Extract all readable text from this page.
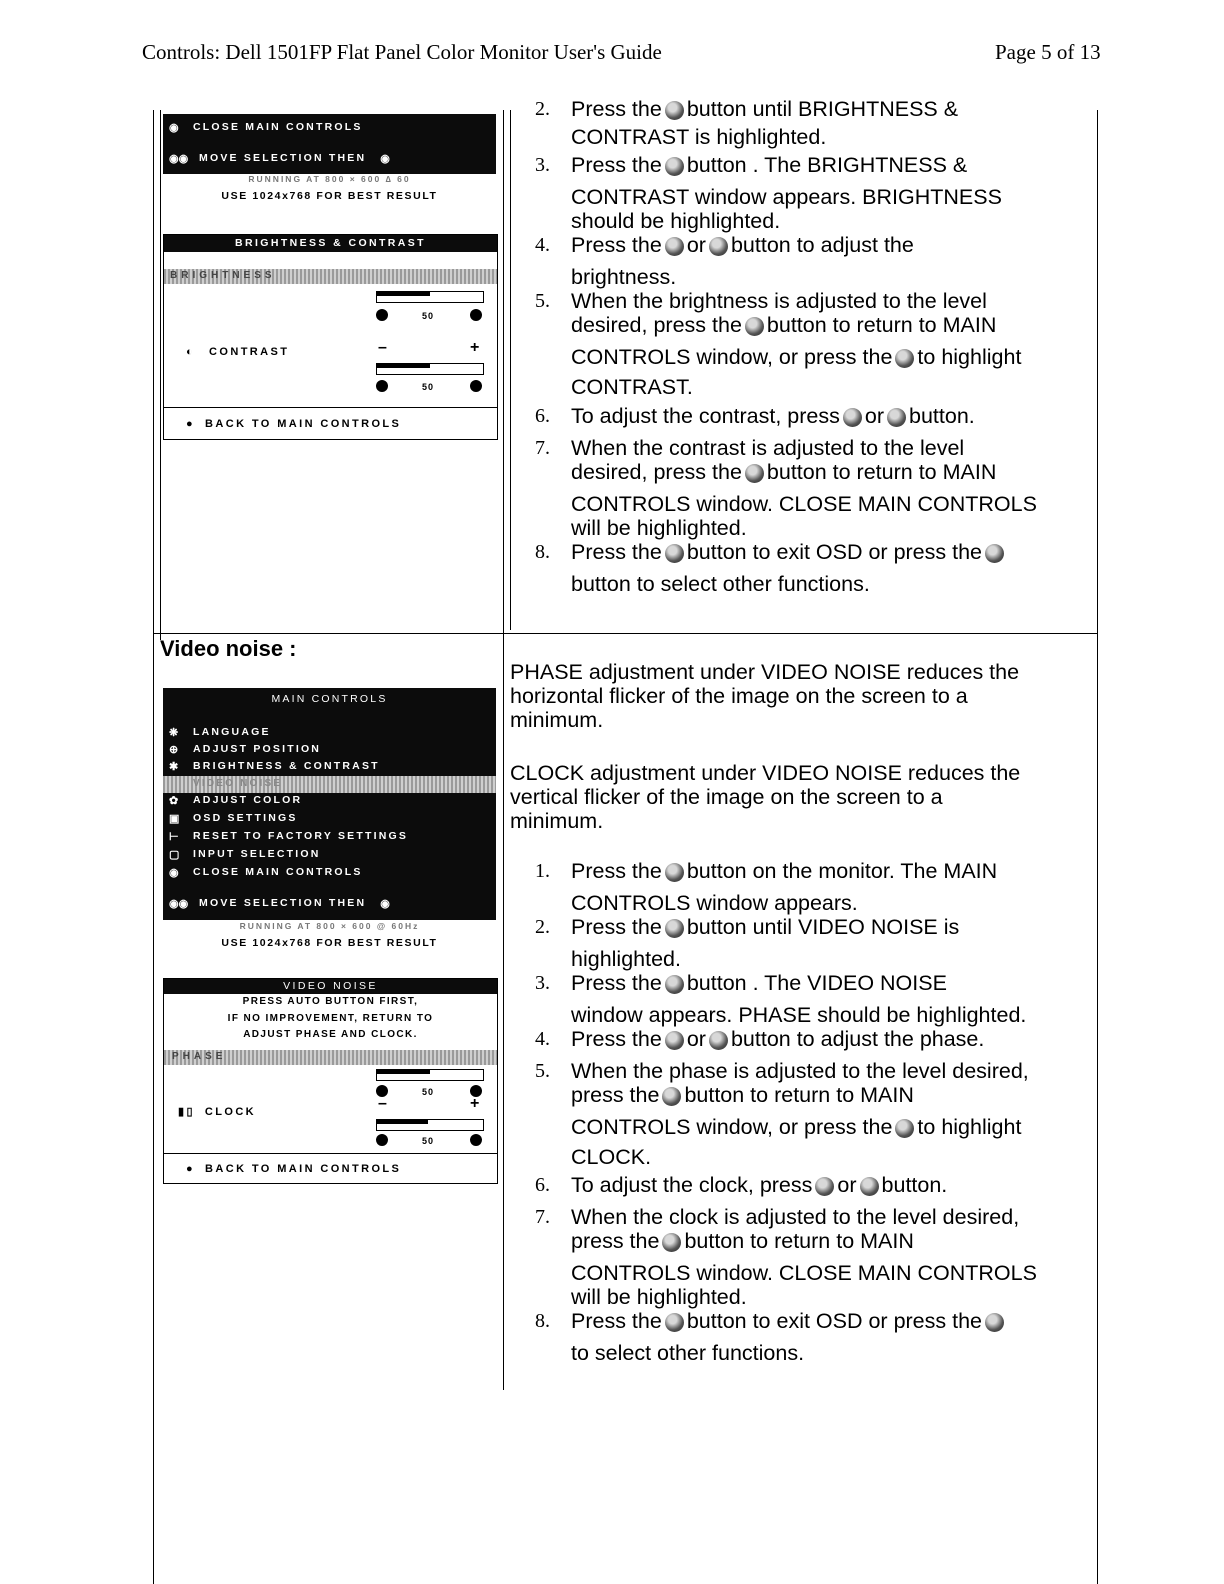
Controls: Dell 1501FP Flat Panel Color Monitor User's Guide	Page 5 of 13
◉ CLOSE MAIN CONTROLS
◉◉ MOVE SELECTION THEN ◉
RUNNING AT 800 × 600 ∆ 60
USE 1024x768 FOR BEST RESULT
BRIGHTNESS & CONTRAST
BRIGHTNESS
50
◐ CONTRAST	–	+
50
● BACK TO MAIN CONTROLS
2. Press the button until BRIGHTNESS &
CONTRAST is highlighted.
3. Press the button . The BRIGHTNESS &
CONTRAST window appears. BRIGHTNESS
should be highlighted.
4. Press the or button to adjust the
brightness.
5. When the brightness is adjusted to the level
desired, press the button to return to MAIN
CONTROLS window, or press the to highlight
CONTRAST.
6. To adjust the contrast, press or button.
7. When the contrast is adjusted to the level
desired, press the button to return to MAIN
CONTROLS window. CLOSE MAIN CONTROLS
will be highlighted.
8. Press the button to exit OSD or press the
button to select other functions.
Video noise :
MAIN CONTROLS
❋ LANGUAGE
⊕ ADJUST POSITION
✱ BRIGHTNESS & CONTRAST
VIDEO NOISE
✿ ADJUST COLOR
▣ OSD SETTINGS
⊢ RESET TO FACTORY SETTINGS
▢ INPUT SELECTION
◉ CLOSE MAIN CONTROLS
◉◉ MOVE SELECTION THEN ◉
RUNNING AT 800 × 600 @ 60Hz
USE 1024x768 FOR BEST RESULT
VIDEO NOISE
PRESS AUTO BUTTON FIRST,
IF NO IMPROVEMENT, RETURN TO
ADJUST PHASE AND CLOCK.
PHASE
50
▮▯ CLOCK	–	+
50
● BACK TO MAIN CONTROLS
PHASE adjustment under VIDEO NOISE reduces the
horizontal flicker of the image on the screen to a
minimum.
CLOCK adjustment under VIDEO NOISE reduces the
vertical flicker of the image on the screen to a
minimum.
1. Press the button on the monitor. The MAIN
CONTROLS window appears.
2. Press the button until VIDEO NOISE is
highlighted.
3. Press the button . The VIDEO NOISE
window appears. PHASE should be highlighted.
4. Press the or button to adjust the phase.
5. When the phase is adjusted to the level desired,
press the button to return to MAIN
CONTROLS window, or press the to highlight
CLOCK.
6. To adjust the clock, press or button.
7. When the clock is adjusted to the level desired,
press the button to return to MAIN
CONTROLS window. CLOSE MAIN CONTROLS
will be highlighted.
8. Press the button to exit OSD or press the
to select other functions.
